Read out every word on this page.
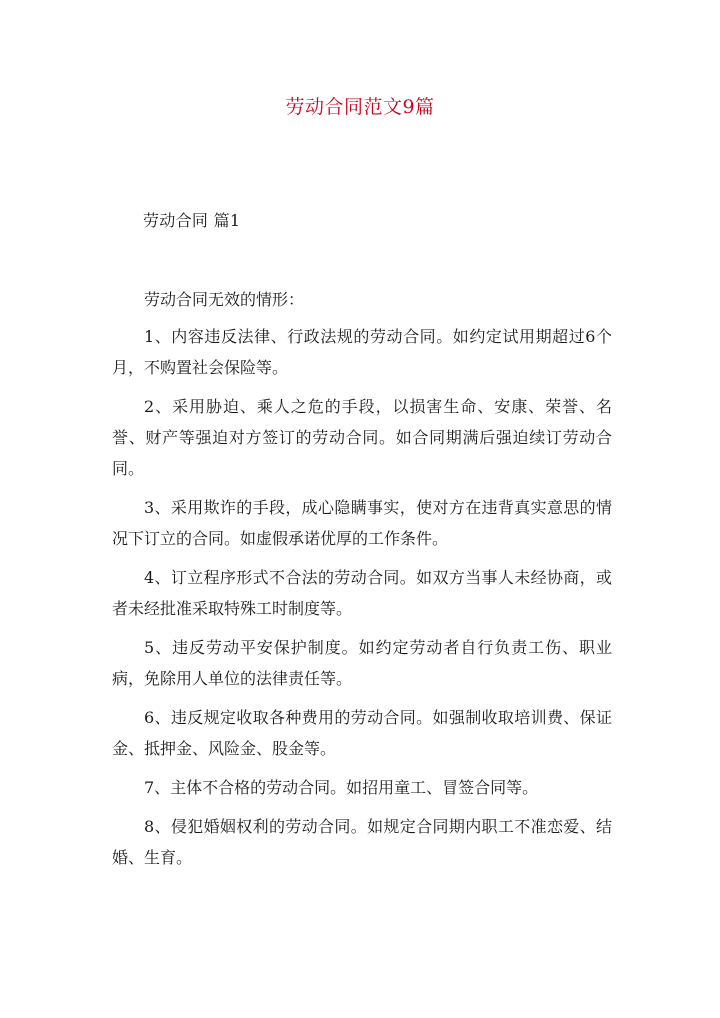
劳动合同范文9篇
劳动合同 篇1

劳动合同无效的情形：

1、内容违反法律、行政法规的劳动合同。如约定试用期超过6个月，不购置社会保险等。

2、采用胁迫、乘人之危的手段，以损害生命、安康、荣誉、名誉、财产等强迫对方签订的劳动合同。如合同期满后强迫续订劳动合同。

3、采用欺诈的手段，成心隐瞒事实，使对方在违背真实意思的情况下订立的合同。如虚假承诺优厚的工作条件。

4、订立程序形式不合法的劳动合同。如双方当事人未经协商，或者未经批准采取特殊工时制度等。

5、违反劳动平安保护制度。如约定劳动者自行负责工伤、职业病，免除用人单位的法律责任等。

6、违反规定收取各种费用的劳动合同。如强制收取培训费、保证金、抵押金、风险金、股金等。

7、主体不合格的劳动合同。如招用童工、冒签合同等。

8、侵犯婚姻权利的劳动合同。如规定合同期内职工不准恋爱、结婚、生育。
